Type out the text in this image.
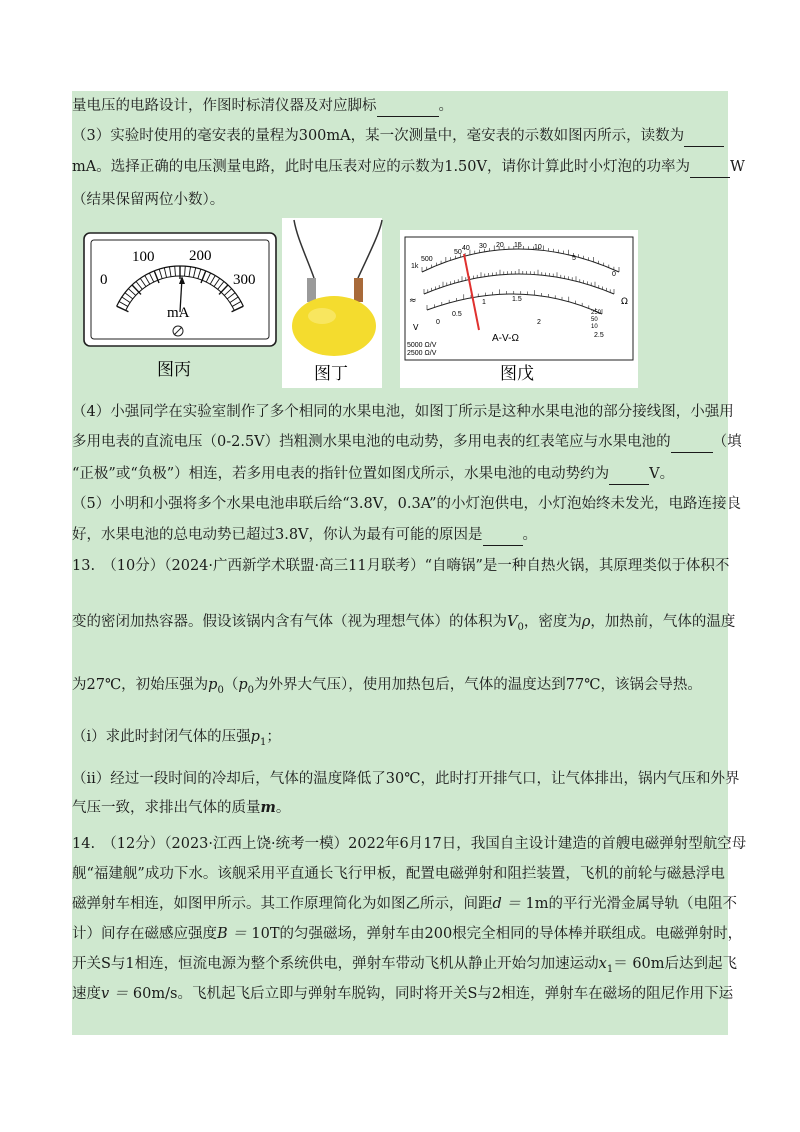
量电压的电路设计，作图时标清仪器及对应脚标	。
（3）实验时使用的毫安表的量程为300mA，某一次测量中，毫安表的示数如图丙所示，读数为
mA。选择正确的电压测量电路，此时电压表对应的示数为1.50V，请你计算此时小灯泡的功率为	W
（结果保留两位小数）。
0
100 200
300
mA
图丙	图丁
1k
500
50
40 30 20 15 10
5
0
≈
V
0
0.5
1	1.5
2
2.5
Ω
250
50
10
A-V-Ω
5000 Ω/V
2500 Ω/V
图戊
（4）小强同学在实验室制作了多个相同的水果电池，如图丁所示是这种水果电池的部分接线图，小强用
多用电表的直流电压（0-2.5V）挡粗测水果电池的电动势，多用电表的红表笔应与水果电池的	（填
“正极”或“负极”）相连，若多用电表的指针位置如图戊所示，水果电池的电动势约为	V。
（5）小明和小强将多个水果电池串联后给“3.8V，0.3A”的小灯泡供电，小灯泡始终未发光，电路连接良
好，水果电池的总电动势已超过3.8V，你认为最有可能的原因是	。
13.　（10分）（2024·广西新学术联盟·高三11月联考）“自嗨锅”是一种自热火锅，其原理类似于体积不
变的密闭加热容器。假设该锅内含有气体（视为理想气体）的体积为$V_0$，密度为ρ，加热前，气体的温度
为27℃，初始压强为$p_0(p_0$为外界大气压），使用加热包后，气体的温度达到77℃，该锅会导热。
（ⅰ）求此时封闭气体的压强$p_1$；
（ⅱ）经过一段时间的冷却后，气体的温度降低了30℃，此时打开排气口，让气体排出，锅内气压和外界
气压一致，求排出气体的质量m。
14.　（12分）（2023·江西上饶·统考一模）2022年6月17日，我国自主设计建造的首艘电磁弹射型航空母
舰“福建舰”成功下水。该舰采用平直通长飞行甲板，配置电磁弹射和阻拦装置，飞机的前轮与磁悬浮电
磁弹射车相连，如图甲所示。其工作原理简化为如图乙所示，间距d ＝ 1m的平行光滑金属导轨（电阻不
计）间存在磁感应强度B ＝ 10T的匀强磁场，弹射车由200根完全相同的导体棒并联组成。电磁弹射时，
开关S与1相连，恒流电源为整个系统供电，弹射车带动飞机从静止开始匀加速运动$x_1= 60m$后达到起飞
速度v ＝ 60m/s。飞机起飞后立即与弹射车脱钩，同时将开关S与2相连，弹射车在磁场的阻尼作用下运
